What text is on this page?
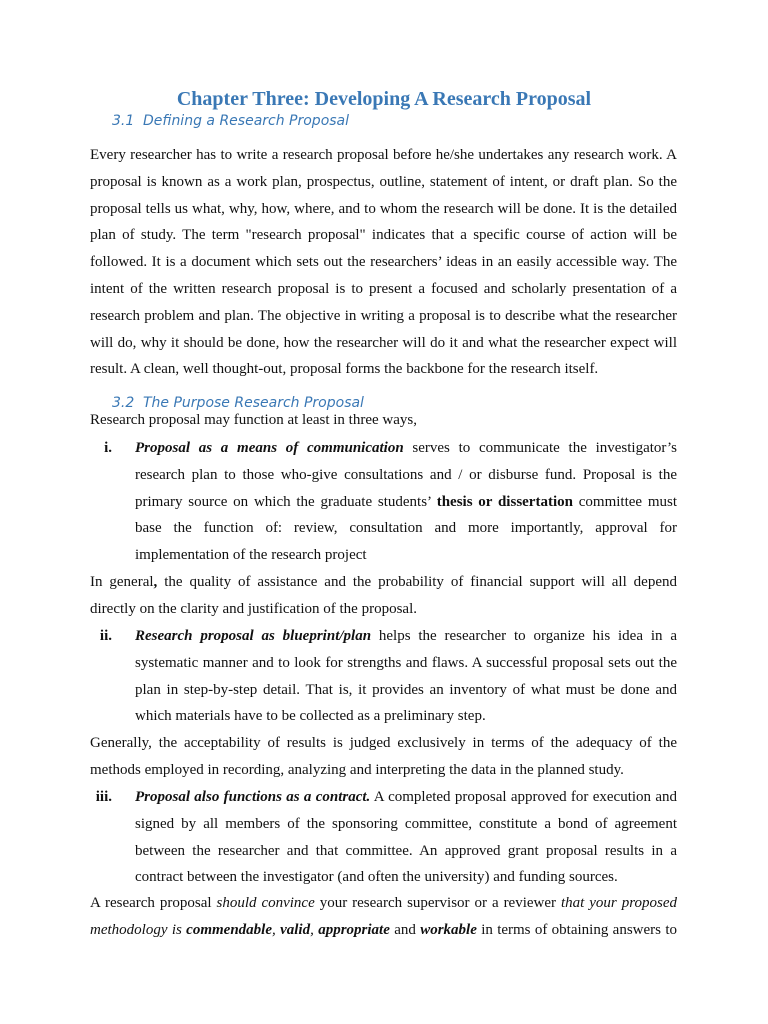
Chapter Three: Developing A Research Proposal
3.1 Defining a Research Proposal

Every researcher has to write a research proposal before he/she undertakes any research work. A proposal is known as a work plan, prospectus, outline, statement of intent, or draft plan. So the proposal tells us what, why, how, where, and to whom the research will be done. It is the detailed plan of study. The term "research proposal" indicates that a specific course of action will be followed. It is a document which sets out the researchers’ ideas in an easily accessible way. The intent of the written research proposal is to present a focused and scholarly presentation of a research problem and plan. The objective in writing a proposal is to describe what the researcher will do, why it should be done, how the researcher will do it and what the researcher expect will result. A clean, well thought-out, proposal forms the backbone for the research itself.

3.2 The Purpose Research Proposal

Research proposal may function at least in three ways,

i. Proposal as a means of communication serves to communicate the investigator’s research plan to those who-give consultations and / or disburse fund. Proposal is the primary source on which the graduate students’ thesis or dissertation committee must base the function of: review, consultation and more importantly, approval for implementation of the research project

In general, the quality of assistance and the probability of financial support will all depend directly on the clarity and justification of the proposal.

ii. Research proposal as blueprint/plan helps the researcher to organize his idea in a systematic manner and to look for strengths and flaws. A successful proposal sets out the plan in step-by-step detail. That is, it provides an inventory of what must be done and which materials have to be collected as a preliminary step.

Generally, the acceptability of results is judged exclusively in terms of the adequacy of the methods employed in recording, analyzing and interpreting the data in the planned study.

iii. Proposal also functions as a contract. A completed proposal approved for execution and signed by all members of the sponsoring committee, constitute a bond of agreement between the researcher and that committee. An approved grant proposal results in a contract between the investigator (and often the university) and funding sources.

A research proposal should convince your research supervisor or a reviewer that your proposed methodology is commendable, valid, appropriate and workable in terms of obtaining answers to
